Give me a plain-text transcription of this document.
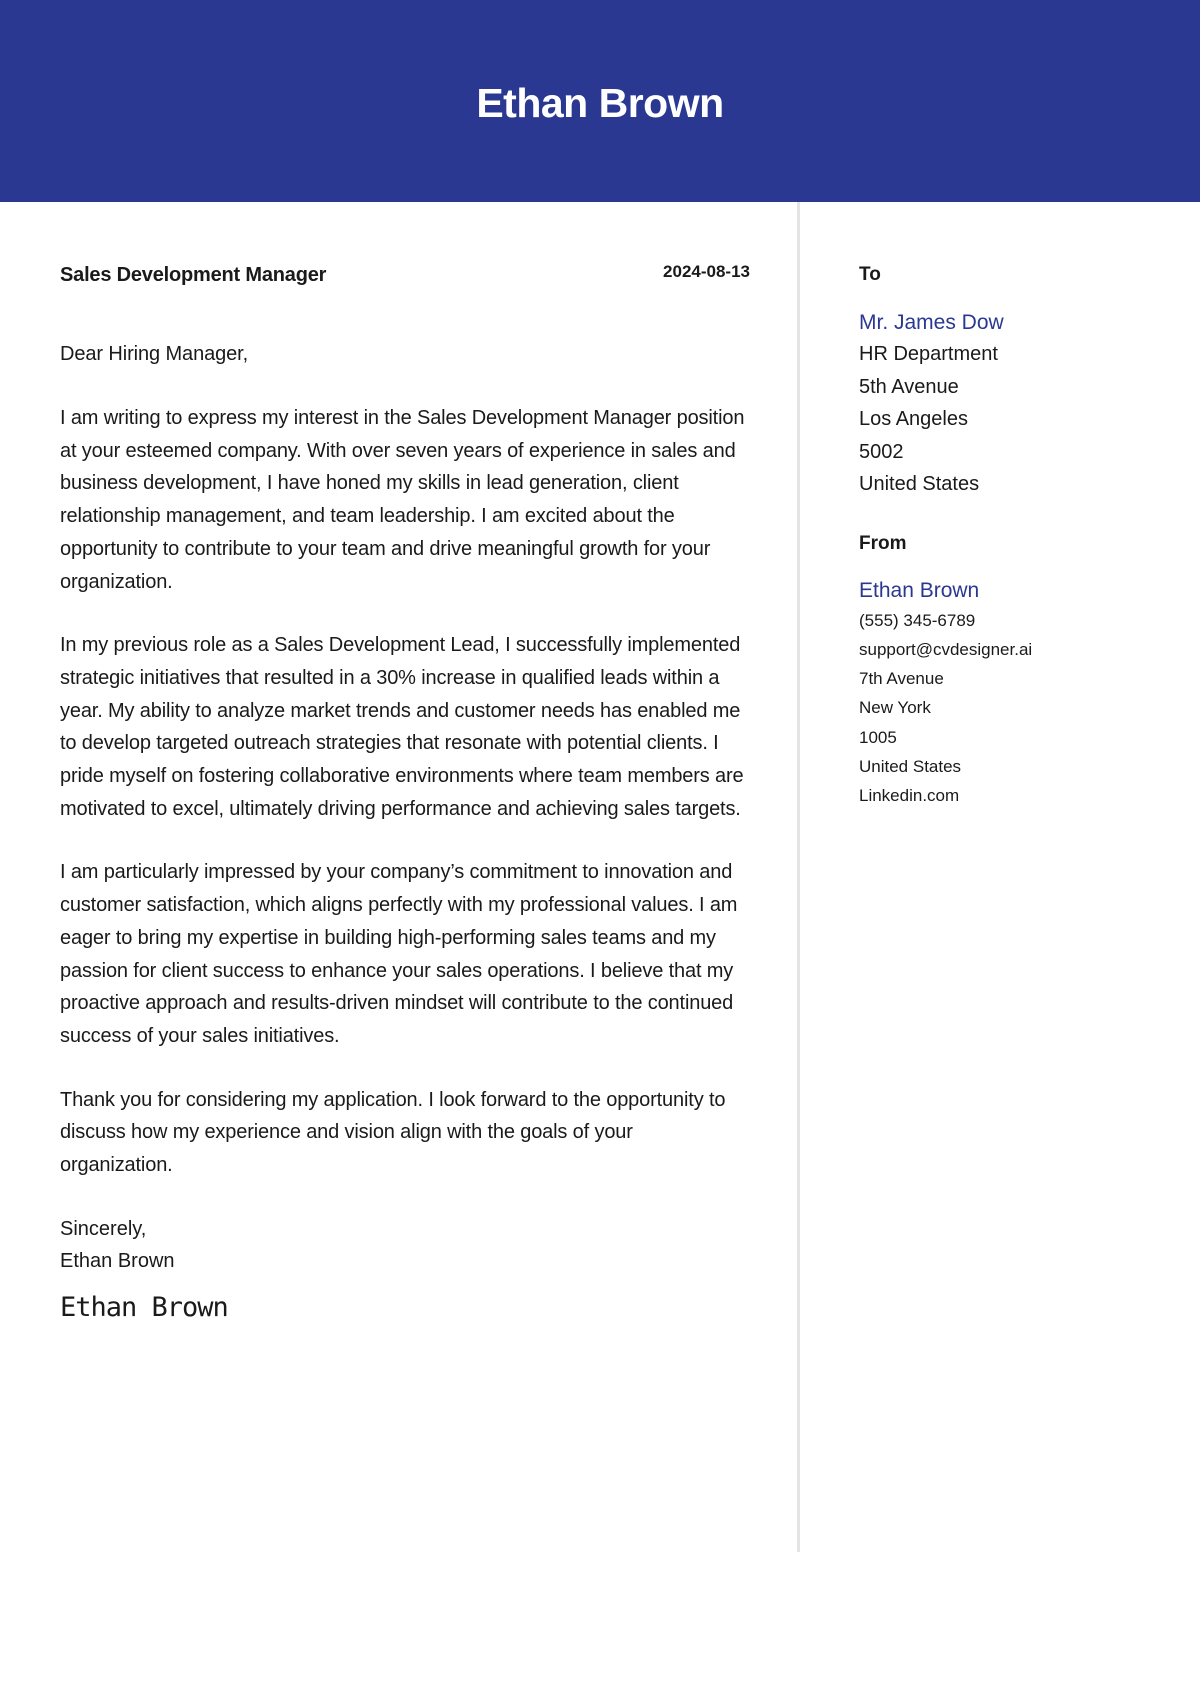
Ethan Brown
Sales Development Manager	2024-08-13
Dear Hiring Manager,
I am writing to express my interest in the Sales Development Manager position at your esteemed company. With over seven years of experience in sales and business development, I have honed my skills in lead generation, client relationship management, and team leadership. I am excited about the opportunity to contribute to your team and drive meaningful growth for your organization.
In my previous role as a Sales Development Lead, I successfully implemented strategic initiatives that resulted in a 30% increase in qualified leads within a year. My ability to analyze market trends and customer needs has enabled me to develop targeted outreach strategies that resonate with potential clients. I pride myself on fostering collaborative environments where team members are motivated to excel, ultimately driving performance and achieving sales targets.
I am particularly impressed by your company’s commitment to innovation and customer satisfaction, which aligns perfectly with my professional values. I am eager to bring my expertise in building high-performing sales teams and my passion for client success to enhance your sales operations. I believe that my proactive approach and results-driven mindset will contribute to the continued success of your sales initiatives.
Thank you for considering my application. I look forward to the opportunity to discuss how my experience and vision align with the goals of your organization.
Sincerely,
Ethan Brown
Ethan Brown
To
Mr. James Dow
HR Department
5th Avenue
Los Angeles
5002
United States
From
Ethan Brown
(555) 345-6789
support@cvdesigner.ai
7th Avenue
New York
1005
United States
Linkedin.com
